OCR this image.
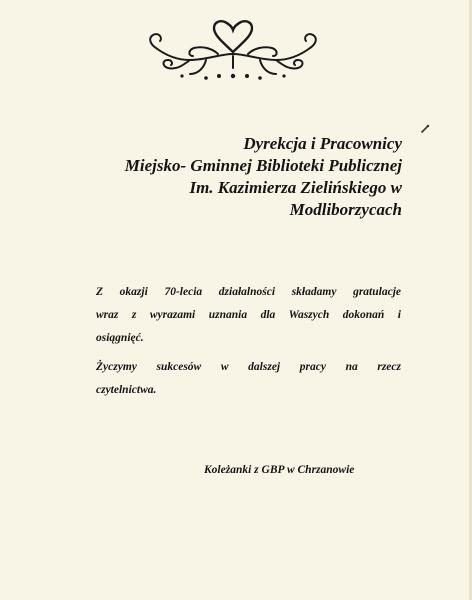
Dyrekcja i Pracownicy
Miejsko- Gminnej Biblioteki Publicznej
Im. Kazimierza Zielińskiego w
Modliborzycach
Z okazji 70-lecia działalności składamy gratulacje
wraz z wyrazami uznania dla Waszych dokonań i
osiągnięć.
Życzymy sukcesów w dalszej pracy na rzecz
czytelnictwa.
Koleżanki z GBP w Chrzanowie
